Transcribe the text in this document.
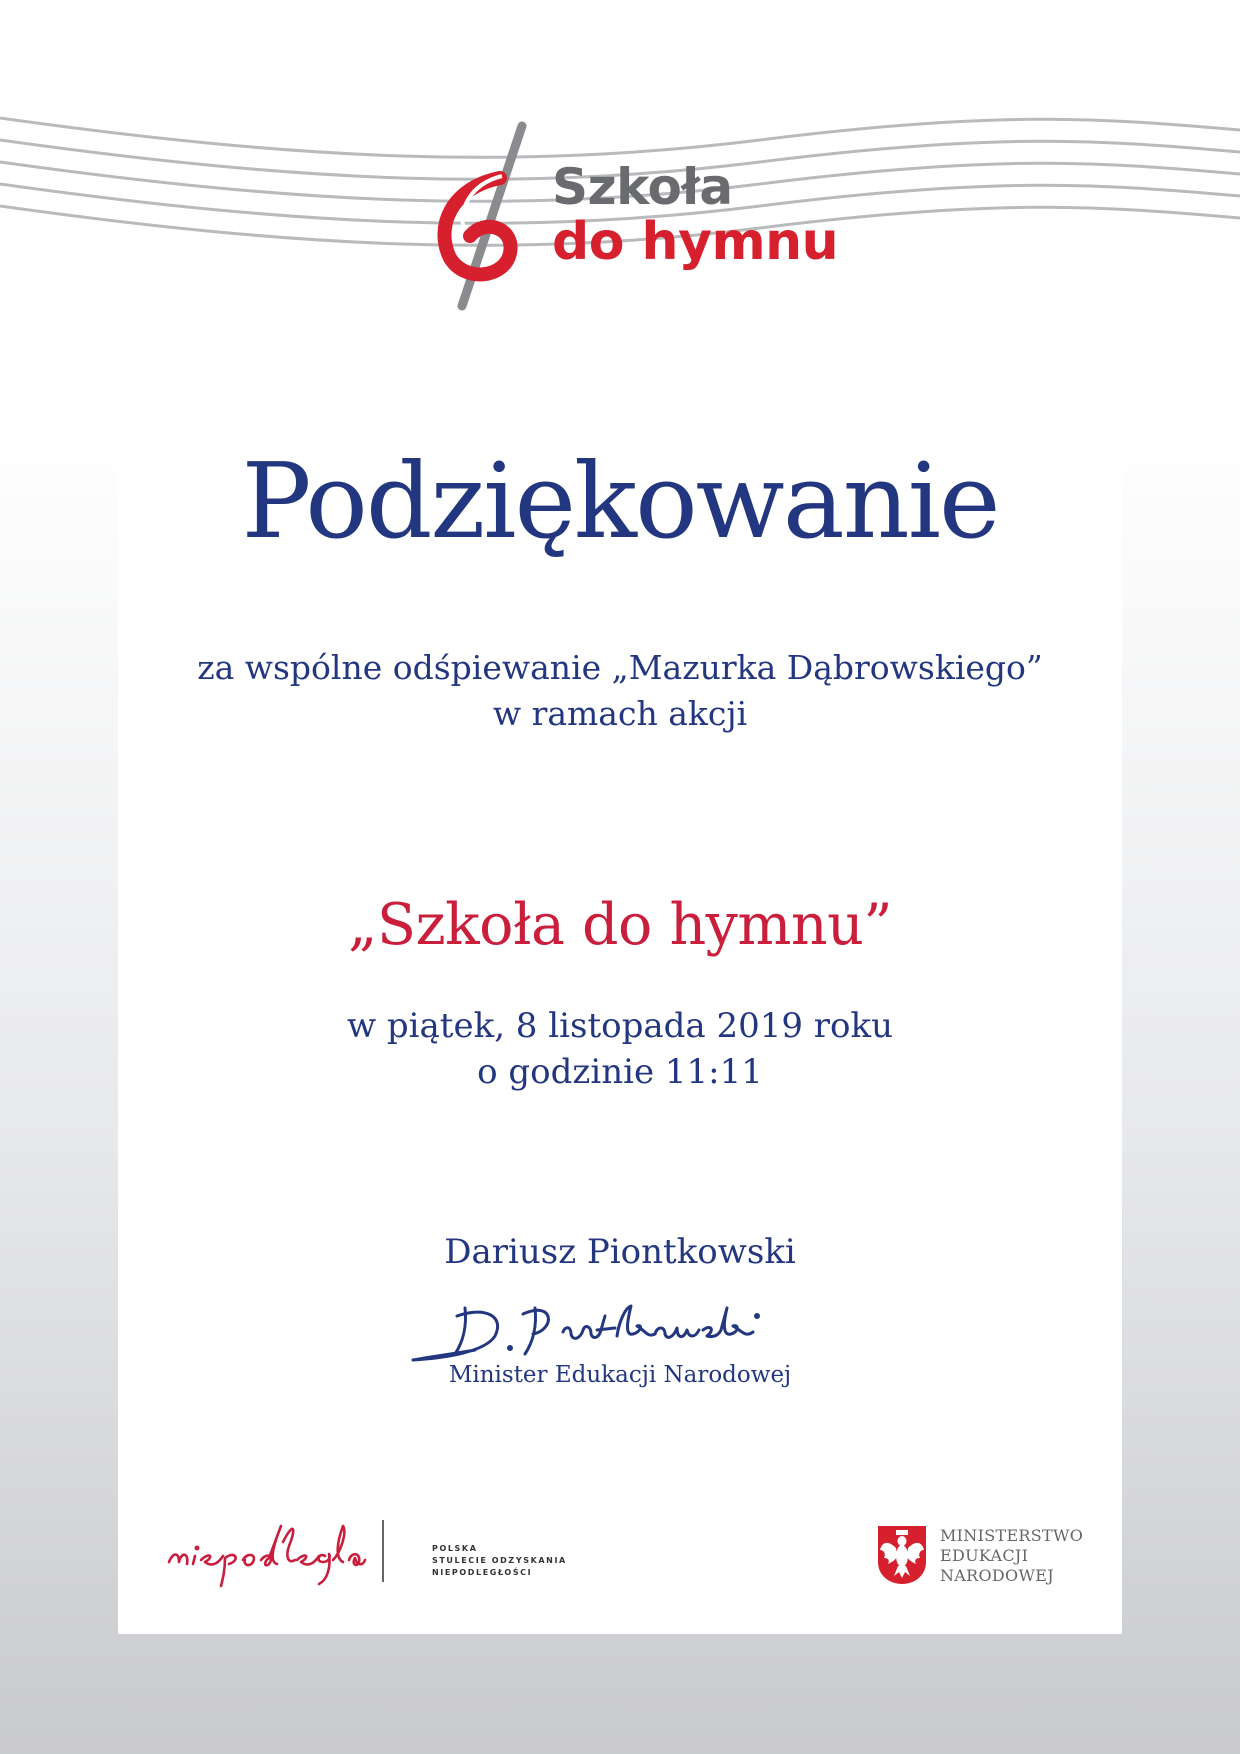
Szkoła
do hymnu
Podziękowanie
za wspólne odśpiewanie „Mazurka Dąbrowskiego”
w ramach akcji
„Szkoła do hymnu”
w piątek, 8 listopada 2019 roku
o godzinie 11:11
Dariusz Piontkowski
Minister Edukacji Narodowej
POLSKA
STULECIE ODZYSKANIA
NIEPODLEGŁOŚCI
MINISTERSTWO
EDUKACJI
NARODOWEJ
